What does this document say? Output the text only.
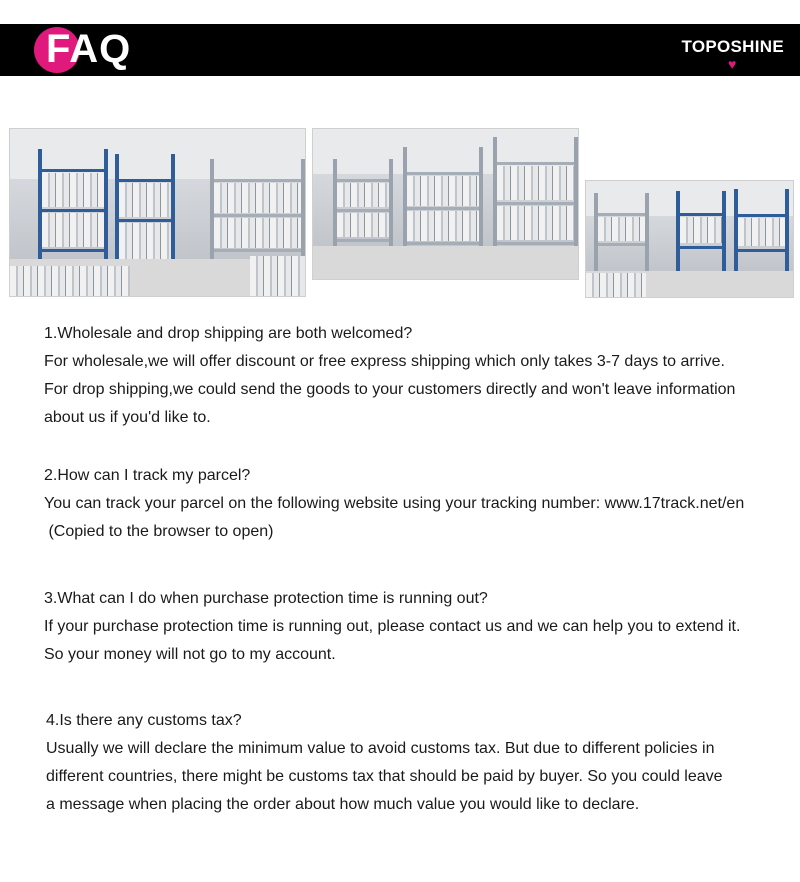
FAQ	TOPOSHINE
♥

1.Wholesale and drop shipping are both welcomed?

For wholesale,we will offer discount or free express shipping which only takes 3-7 days to arrive.

For drop shipping,we could send the goods to your customers directly and won't leave information

about us if you'd like to.

2.How can I track my parcel?

You can track your parcel on the following website using your tracking number: www.17track.net/en

(Copied to the browser to open)

3.What can I do when purchase protection time is running out?

If your purchase protection time is running out, please contact us and we can help you to extend it.

So your money will not go to my account.

4.Is there any customs tax?

Usually we will declare the minimum value to avoid customs tax. But due to different policies in

different countries, there might be customs tax that should be paid by buyer. So you could leave

a message when placing the order about how much value you would like to declare.
